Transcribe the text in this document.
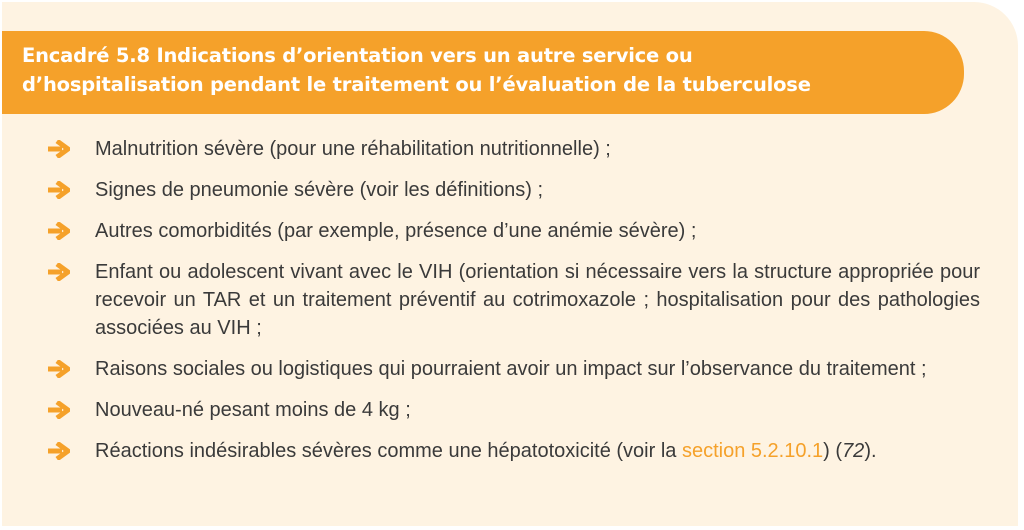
Encadré 5.8 Indications d’orientation vers un autre service ou
d’hospitalisation pendant le traitement ou l’évaluation de la tuberculose

Malnutrition sévère (pour une réhabilitation nutritionnelle) ;
Signes de pneumonie sévère (voir les définitions) ;
Autres comorbidités (par exemple, présence d’une anémie sévère) ;
Enfant ou adolescent vivant avec le VIH (orientation si nécessaire vers la structure appropriée pour recevoir un TAR et un traitement préventif au cotrimoxazole ; hospitalisation pour des pathologies associées au VIH ;
Raisons sociales ou logistiques qui pourraient avoir un impact sur l’observance du traitement ;
Nouveau-né pesant moins de 4 kg ;
Réactions indésirables sévères comme une hépatotoxicité (voir la section 5.2.10.1) (72).
